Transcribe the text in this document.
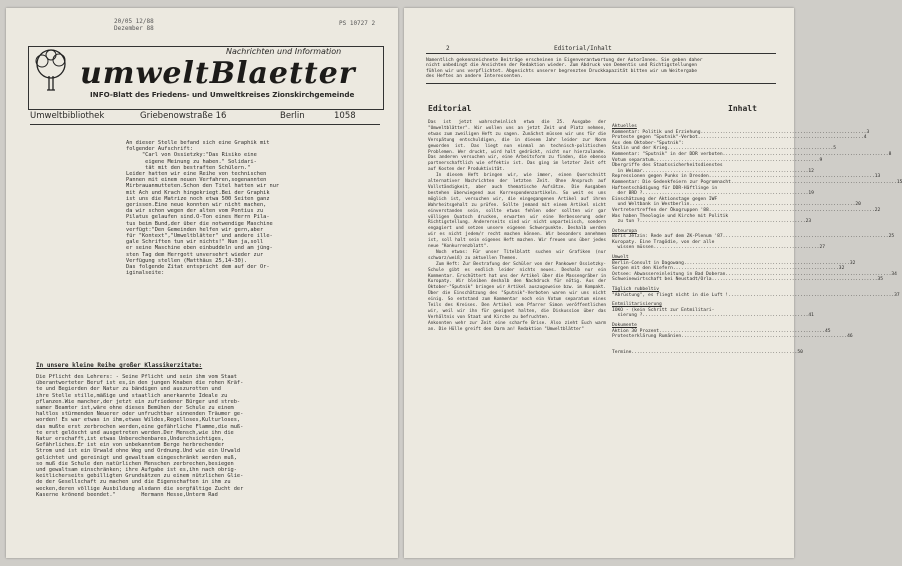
20/05 12/88
Dezember 88
PS 10727 2
Nachrichten und Information
umweltBlaetter
INFO-Blatt des Friedens- und Umweltkreises Zionskirchgemeinde
Umweltbibliothek	Griebenowstraße 16	Berlin	1058
An dieser Stelle befand sich eine Graphik mit
folgender Aufschrift:
"Carl von Ossietzky:"Das Risiko eine
eigene Meinung zu haben." Solidari-
tät mit den bestraften Schülern."
Leider hatten wir eine Reihe von technischen
Pannen mit einem neuen Verfahren,sogenannten
Mirbrauanmutteten.Schon den Titel hatten wir nur
mit Ach und Krach hingekriegt.Bei der Graphik
ist uns die Matrize noch etwa 500 Seiten ganz
gerissen.Eine neue konnten wir nicht machen,
da wir schon wegen der alten vom Pontius zu
Pilatus gelaufen sind.O-Ton eines Herrn Pila-
tus beim Bund,der über die notwendige Maschine
verfügt:"Den Gemeinden helfen wir gern,aber
für "Kontext","Umweltblätter" und andere ille-
gale Schriften tun wir nichts!" Nun ja,soll
er seine Maschine eben einbuddeln und am jüng-
sten Tag dem Herrgott unversehrt wieder zur
Verfügung stellen (Matthäus 25,14-30).
Das folgende Zitat entspricht dem auf der Or-
iginalseite:
In unsere kleine Reihe großer Klassikerzitate:
Die Pflicht des Lehrers: - Seine Pflicht und sein ihm vom Staat
überantworteter Beruf ist es,in den jungen Knaben die rohen Kräf-
te und Begierden der Natur zu bändigen und auszurotten und
ihre Stelle stille,mäßige und staatlich anerkannte Ideale zu
pflanzen.Wie mancher,der jetzt ein zufriedener Bürger und streb-
samer Beamter ist,wäre ohne dieses Bemühen der Schule zu einem
haltlos stürmenden Neuerer oder unfruchtbar sinnenden Träumer ge-
worden! Es war etwas in ihm,etwas Wildes,Regelloses,Kulturloses,
das mußte erst zerbrochen werden,eine gefährliche Flamme,die muß-
te erst gelöscht und ausgetreten werden.Der Mensch,wie ihn die
Natur erschafft,ist etwas Unberechenbares,Undurchsichtiges,
Gefährliches.Er ist ein von unbekanntem Berge herbrechender
Strom und ist ein Urwald ohne Weg und Ordnung.Und wie ein Urwald
gelichtet und gereinigt und gewaltsam eingeschränkt werden muß,
so muß die Schule den natürlichen Menschen zerbrechen,besiegen
und gewaltsam einschränken; ihre Aufgabe ist es,ihn nach obrig-
keitlicherseits gebilligten Grundsätzen zu einem nützlichen Glie-
de der Gesellschaft zu machen und die Eigenschaften in ihm zu
wecken,deren völlige Ausbildung alsdann die sorgfältige Zucht der
Kaserne krönend beendet."        Hermann Hesse,Unterm Rad
2	Editorial/Inhalt
Namentlich gekennzeichnete Beiträge erscheinen in Eigenverantwortung der AutorInnen. Sie geben daher
nicht unbedingt die Ansichten der Redaktion wieder. Zum Abdruck von Dementis und Richtigstellungen
fühlen wir uns verpflichtet. Abgesichts unserer begrenzten Druckkapazität bitten wir um Weitergabe
des Heftes an andere Interessenten.
Editorial	Inhalt

Das ist jetzt wahrscheinlich etwa die 25. Ausgabe der "Umweltblätter". Wir wollen uns an jetzt Zeit und Platz nehmen, etwas zum zweiligen Heft zu sagen. Zunächst müssen wir uns für die Verspätung entschuldigen, die in diesem Jahr leider zur Norm geworden ist. Das liegt nun einmal an technisch-politischen Problemen. Wer druckt, wird halt gedrückt, nicht nur hierzulande. Das anderen versuchen wir, eine Arbeitsform zu finden, die ebenso partnerschaftlich wie effektiv ist. Das ging im letzter Zeit oft auf Kosten der Produktivität.

In diesem Heft bringen wir, wie immer, einen Querschnitt alternativer Nachrichten der letzten Zeit. Ohne Anspruch auf Vollständigkeit, aber auch thematische Aufsätze. Die Ausgaben bestehen überwiegend aus Korrespondenzartikeln. So weit es uns möglich ist, versuchen wir, die eingegangenen Artikel auf ihren Wahrheitsgehalt zu prüfen. Sollte jemand mit einem Artikel nicht einverstanden sein, sollte etwas fehlen oder sollten wir gar völligen Quatsch drucken, erwarten wir eine Verbesserung oder Richtigstellung. Andererseits sind wir nicht unparteiisch, sondern engagiert und setzen unsere eigenen Schwerpunkte. Deshalb werden wir es nicht jedem/r recht machen können. Wir besonders annehmen ist, soll halt sein eigenes Heft machen. Wir freuen uns über jedes neue "Konkurrenzblatt".

Noch etwas: Für unser Titelblatt suchen wir Grafiken (nur schwarz/weiß) zu aktuellen Themen.

Zum Heft: Zur Bestrafung der Schüler von der Pankower Ossietzky-Schule gibt es endlich leider nichts neues. Deshalb nur ein Kommentar. Erschüttert hat uns der Artikel über die Massengräber in Kuropaty. Wir bleiben deshalb den Nachdruck für nötig. Aus der Oktober-"Sputnik" bringen wir Artikel auszugsweise bzw. im Kompakt. Über die Einschätzung des "Sputnik"-Verboten waren wir uns nicht einig. So entstand zum Kommentar noch ein Votum separatum eines Teils des Kreises. Den Artikel vom Pfarrer Simon veröffentlichen wir, weil wir ihn für geeignet halten, die Diskussion über das Verhältnis von Staat und Kirche zu befruchten.

Ankonnten wehr zur Zeit eine scharfe Brise. Also zieht Euch warm an. Die Hülle greift den Darm an! Redaktion "Umweltblätter"

Aktuelles
Kommentar: Politik und Erziehung............................................................ 3
Proteste gegen "Sputnik"-Verbot............................................................ 4
Aus dem Oktober-"Sputnik":
Stalin und der Krieg............................................................ 5
Kommentar: "Sputnik" in der DDR verboten............................................................ 8
Votum separatum............................................................ 9
Übergriffe des Staatssicherheitsdienstes
in Weimar............................................................ 12
Repressionen gegen Punks in Dresden............................................................ 13
Kommentar: Die Gedenkfeiern zur Pogromnacht............................................................ 15
Haftentschädigung für DDR-Häftlinge in
der BRD ?............................................................ 19
Einschätzung der Aktionstage gegen IWF
und Weltbank in Westberlin............................................................ 20
Vertretertreffen der Ökogruppen '88............................................................ 22
Was haben Theologie und Kirche mit Politik
zu tun ?............................................................ 23
Osteuropa
Boris Jelzin: Rede auf dem ZK-Plenum '87............................................................ 25
Kuropaty. Eine Tragödie, von der alle
wissen müssen............................................................ 27
Umwelt
Berlin-Consult in Dagowang............................................................ 32
Sorgen mit den Kiefern............................................................ 32
Ostsee: Abwassereinleitung in Bad Doberan............................................................ 34
Schweinewirtschaft bei Neustadt/Orla............................................................ 35
Täglich rubbeltiv
"Abrüstung", es fliegt nicht in die Luft !............................................................ 37
Entmilitarisierung
IOKO - (kein Schritt zur Entmilitari-
sierung ?............................................................ 41
Dokumente
Aktion 30 Prozent............................................................ 45
Protesterklärung Rumänien............................................................ 46
Termine............................................................ 50
